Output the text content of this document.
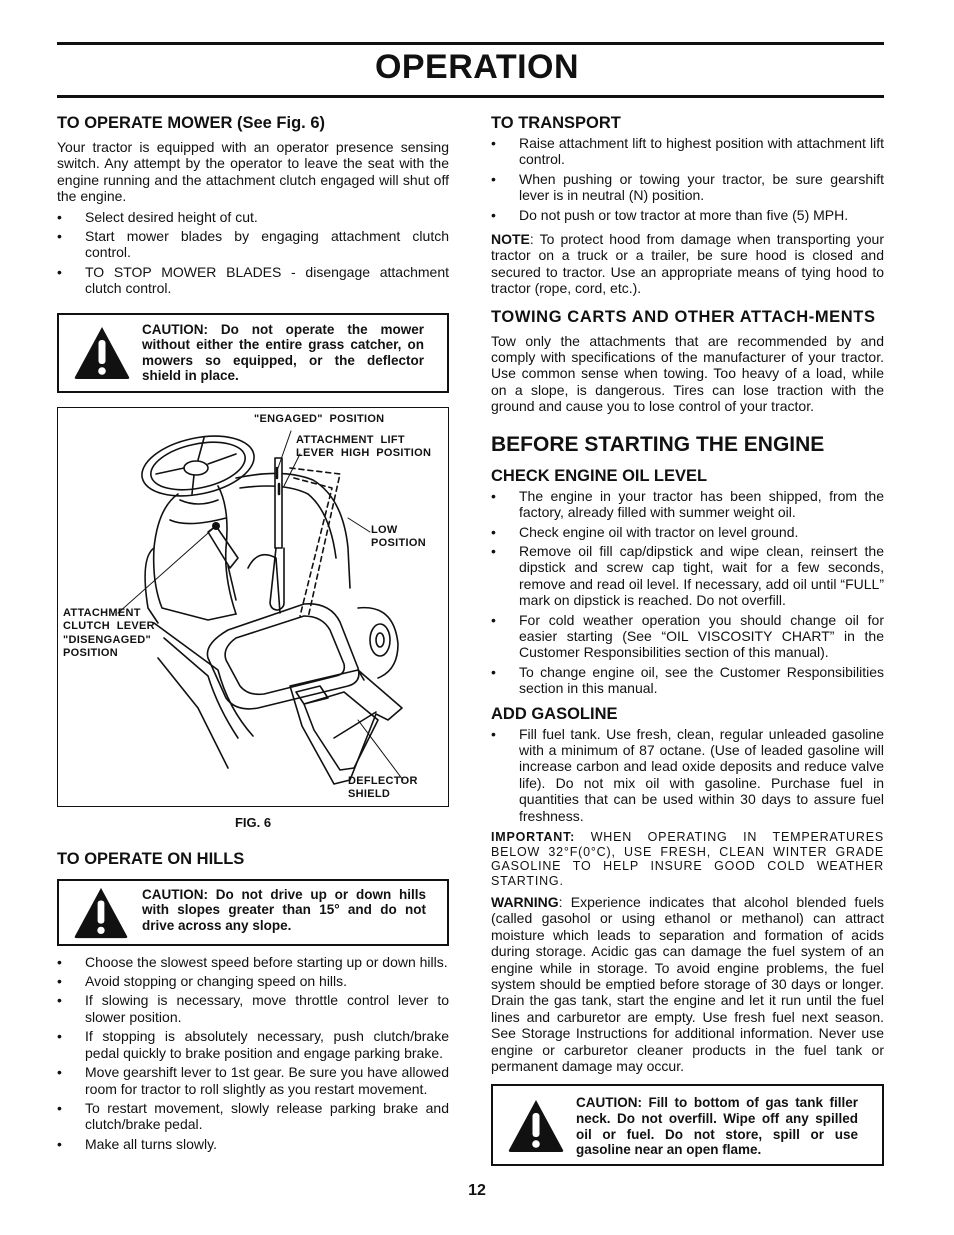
OPERATION
TO OPERATE MOWER (See Fig. 6)
Your tractor is equipped with an operator presence sensing switch. Any attempt by the operator to leave the seat with the engine running and the attachment clutch engaged will shut off the engine.
• Select desired height of cut.
• Start mower blades by engaging attachment clutch control.
• TO STOP MOWER BLADES - disengage attachment clutch control.
CAUTION: Do not operate the mower without either the entire grass catcher, on mowers so equipped, or the deflector shield in place.
"ENGAGED"  POSITION
ATTACHMENT  LIFT
LEVER  HIGH  POSITION
LOW
POSITION
ATTACHMENT
CLUTCH  LEVER
"DISENGAGED"
POSITION
DEFLECTOR
SHIELD
FIG. 6
TO OPERATE ON HILLS
CAUTION: Do not drive up or down hills with slopes greater than 15° and do not drive across any slope.
• Choose the slowest speed before starting up or down hills.
• Avoid stopping or changing speed on hills.
• If slowing is necessary, move throttle control lever to slower position.
• If stopping is absolutely necessary, push clutch/brake pedal quickly to brake position and engage parking brake.
• Move gearshift lever to 1st gear. Be sure you have allowed room for tractor to roll slightly as you restart movement.
• To restart movement, slowly release parking brake and clutch/brake pedal.
• Make all turns slowly.
TO TRANSPORT
• Raise attachment lift to highest position with attachment lift control.
• When pushing or towing your tractor, be sure gearshift lever is in neutral (N) position.
• Do not push or tow tractor at more than five (5) MPH.
NOTE: To protect hood from damage when transporting your tractor on a truck or a trailer, be sure hood is closed and secured to tractor. Use an appropriate means of tying hood to tractor (rope, cord, etc.).
TOWING CARTS AND OTHER ATTACH-MENTS
Tow only the attachments that are recommended by and comply with specifications of the manufacturer of your tractor. Use common sense when towing. Too heavy of a load, while on a slope, is dangerous. Tires can lose traction with the ground and cause you to lose control of your tractor.
BEFORE STARTING THE ENGINE
CHECK ENGINE OIL LEVEL
• The engine in your tractor has been shipped, from the factory, already filled with summer weight oil.
• Check engine oil with tractor on level ground.
• Remove oil fill cap/dipstick and wipe clean, reinsert the dipstick and screw cap tight, wait for a few seconds, remove and read oil level. If necessary, add oil until “FULL” mark on dipstick is reached. Do not overfill.
• For cold weather operation you should change oil for easier starting (See “OIL VISCOSITY CHART” in the Customer Responsibilities section of this manual).
• To change engine oil, see the Customer Responsibilities section in this manual.
ADD GASOLINE
• Fill fuel tank. Use fresh, clean, regular unleaded gasoline with a minimum of 87 octane. (Use of leaded gasoline will increase carbon and lead oxide deposits and reduce valve life). Do not mix oil with gasoline. Purchase fuel in quantities that can be used within 30 days to assure fuel freshness.
IMPORTANT: WHEN OPERATING IN TEMPERATURES BELOW 32°F(0°C), USE FRESH, CLEAN WINTER GRADE GASOLINE TO HELP INSURE GOOD COLD WEATHER STARTING.
WARNING: Experience indicates that alcohol blended fuels (called gasohol or using ethanol or methanol) can attract moisture which leads to separation and formation of acids during storage. Acidic gas can damage the fuel system of an engine while in storage. To avoid engine problems, the fuel system should be emptied before storage of 30 days or longer. Drain the gas tank, start the engine and let it run until the fuel lines and carburetor are empty. Use fresh fuel next season. See Storage Instructions for additional information. Never use engine or carburetor cleaner products in the fuel tank or permanent damage may occur.
CAUTION: Fill to bottom of gas tank filler neck. Do not overfill. Wipe off any spilled oil or fuel. Do not store, spill or use gasoline near an open flame.
12
